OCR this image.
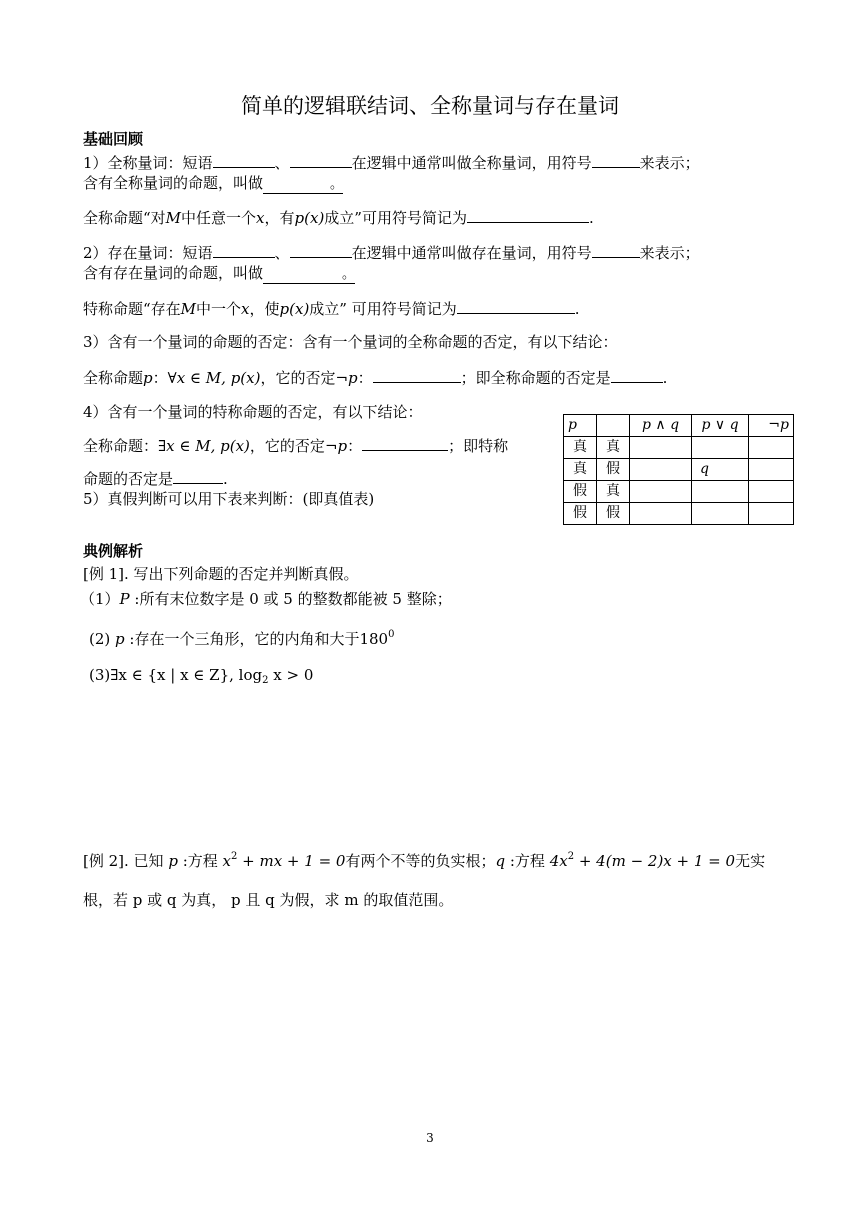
简单的逻辑联结词、全称量词与存在量词
基础回顾
1）全称量词：短语	、	在逻辑中通常叫做全称量词，用符号	来表示；
含有全称量词的命题，叫做	。
全称命题“对M中任意一个x，有p(x)成立”可用符号简记为	.
2）存在量词：短语	、	在逻辑中通常叫做存在量词，用符号	来表示；
含有存在量词的命题，叫做	。
特称命题“存在M中一个x，使p(x)成立” 可用符号简记为	.
3）含有一个量词的命题的否定：含有一个量词的全称命题的否定，有以下结论：
全称命题p：∀x ∈ M, p(x)，它的否定¬p：	；即全称命题的否定是	.
4）含有一个量词的特称命题的否定，有以下结论：
全称命题：∃x ∈ M, p(x)，它的否定¬p：	；即特称
命题的否定是	.
5）真假判断可以用下表来判断：(即真值表)
p		p ∧ q	p ∨ q	¬p
真	真			
真	假		q	
假	真			
假	假			
典例解析
[例 1]. 写出下列命题的否定并判断真假。
（1）P :所有末位数字是 0 或 5 的整数都能被 5 整除；
(2) p :存在一个三角形，它的内角和大于$180^0$
(3)∃x ∈ {x | x ∈ Z}, $\log_2 x > 0$
[例 2]. 已知 p :方程 $x^2$ + mx + 1 = 0有两个不等的负实根；q :方程 $4x^2 + 4(m - 2)x + 1 = 0$无实
根，若 p 或 q 为真， p 且 q 为假，求 m 的取值范围。
3
